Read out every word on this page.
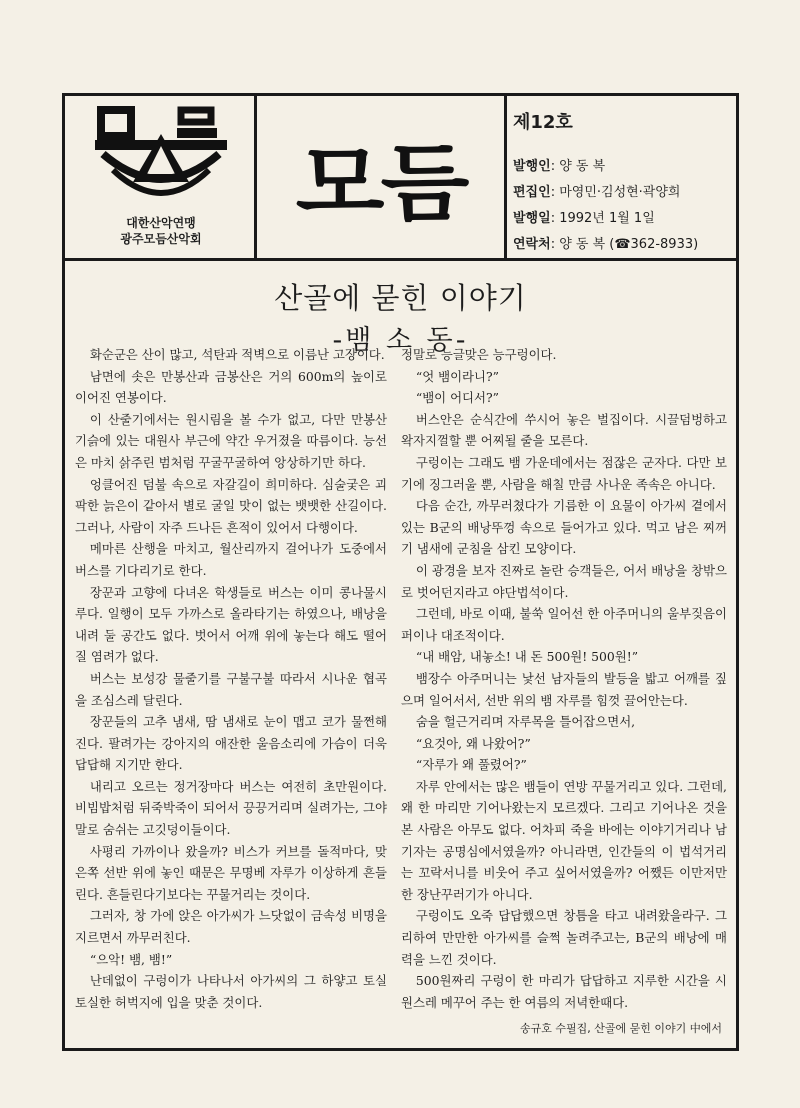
대한산악연맹
광주모듬산악회
모듬
제12호
발행인: 양 동 복
편집인: 마영민·김성현·곽양희
발행일: 1992년 1월 1일
연락처: 양 동 복 (☎362-8933)
산골에 묻힌 이야기
-뱀 소 동-

화순군은 산이 많고, 석탄과 적벽으로 이름난 고장이다.

남면에 솟은 만봉산과 금봉산은 거의 600m의 높이로 이어진 연봉이다.

이 산줄기에서는 원시림을 볼 수가 없고, 다만 만봉산 기슭에 있는 대원사 부근에 약간 우거졌을 따름이다. 능선은 마치 삵주린 범처럼 꾸굴꾸굴하여 앙상하기만 하다.

엉클어진 덤불 속으로 자갈길이 희미하다. 심술궂은 괴팍한 늙은이 같아서 별로 굴일 맛이 없는 뱃뱃한 산길이다. 그러나, 사람이 자주 드나든 흔적이 있어서 다행이다.

메마른 산행을 마치고, 월산리까지 걸어나가 도중에서 버스를 기다리기로 한다.

장꾼과 고향에 다녀온 학생들로 버스는 이미 콩나물시루다. 일행이 모두 가까스로 올라타기는 하였으나, 배낭을 내려 둘 공간도 없다. 벗어서 어깨 위에 놓는다 해도 떨어질 염려가 없다.

버스는 보성강 물줄기를 구불구불 따라서 시나운 협곡을 조심스레 달린다.

장꾼들의 고추 냄새, 땀 냄새로 눈이 맵고 코가 물쩐해진다. 팔려가는 강아지의 애잔한 울음소리에 가슴이 더욱 답답해 지기만 한다.

내리고 오르는 정거장마다 버스는 여전히 초만원이다. 비빔밥처럼 뒤죽박죽이 되어서 끙끙거리며 실려가는, 그야말로 숨쉬는 고깃덩이들이다.

사평리 가까이나 왔을까? 비스가 커브를 돌적마다, 맞은쪽 선반 위에 놓인 때문은 무명베 자루가 이상하게 흔들린다. 흔들린다기보다는 꾸물거리는 것이다.

그러자, 창 가에 앉은 아가씨가 느닷없이 금속성 비명을 지르면서 까무러친다.

“으악! 뱀, 뱀!”

난데없이 구렁이가 나타나서 아가씨의 그 하얗고 토실토실한 허벅지에 입을 맞춘 것이다.

정말로 능글맞은 능구렁이다.

“엇 뱀이라니?”

“뱀이 어디서?”

버스안은 순식간에 쑤시어 놓은 벌집이다. 시끌덤벙하고 왁자지껄할 뿐 어찌될 줄을 모른다.

구렁이는 그래도 뱀 가운데에서는 점잖은 군자다. 다만 보기에 징그러울 뿐, 사람을 해칠 만큼 사나운 족속은 아니다.

다음 순간, 까무러쳤다가 기름한 이 요물이 아가씨 곁에서 있는 B군의 배낭뚜껑 속으로 들어가고 있다. 먹고 남은 찌꺼기 냄새에 군침을 삼킨 모양이다.

이 광경을 보자 진짜로 놀란 승객들은, 어서 배낭을 창밖으로 벗어던지라고 야단법석이다.

그런데, 바로 이때, 불쑥 일어선 한 아주머니의 울부짖음이 퍼이나 대조적이다.

“내 배암, 내놓소! 내 돈 500원! 500원!”

뱀장수 아주머니는 낯선 남자들의 발등을 밟고 어깨를 짚으며 일어서서, 선반 위의 뱀 자루를 힘껏 끌어안는다.

숨을 헐근거리며 자루목을 틀어잡으면서,

“요것아, 왜 나왔어?”

“자루가 왜 풀렸어?”

자루 안에서는 많은 뱀들이 연방 꾸물거리고 있다. 그런데, 왜 한 마리만 기어나왔는지 모르겠다. 그리고 기어나온 것을 본 사람은 아무도 없다. 어차피 죽을 바에는 이야기거리나 남기자는 공명심에서였을까? 아니라면, 인간들의 이 법석거리는 꼬락서니를 비웃어 주고 싶어서였을까? 어쨌든 이만저만한 장난꾸러기가 아니다.

구렁이도 오죽 답답했으면 창틈을 타고 내려왔을라구. 그리하여 만만한 아가씨를 슬쩍 놀려주고는, B군의 배낭에 매력을 느낀 것이다.

500원짜리 구렁이 한 마리가 답답하고 지루한 시간을 시원스레 메꾸어 주는 한 여름의 저녁한때다.

송규호 수필집, 산골에 묻힌 이야기 中에서
